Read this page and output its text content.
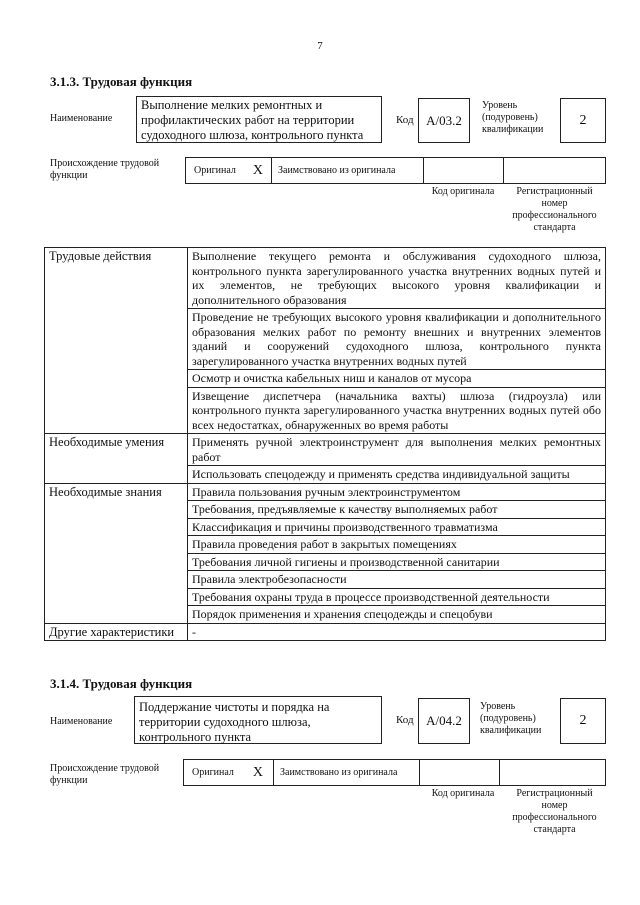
7
3.1.3. Трудовая функция
Наименование
Выполнение мелких ремонтных и профилактических работ на территории судоходного шлюза, контрольного пункта
Код А/03.2
Уровень (подуровень) квалификации
2
Происхождение трудовой функции	Оригинал Х Заимствовано из оригинала
Код оригинала	Регистрационный номер профессионального стандарта
Трудовые действия	Выполнение текущего ремонта и обслуживания судоходного шлюза, контрольного пункта зарегулированного участка внутренних водных путей и их элементов, не требующих высокого уровня квалификации и дополнительного образования
	Проведение не требующих высокого уровня квалификации и дополнительного образования мелких работ по ремонту внешних и внутренних элементов зданий и сооружений судоходного шлюза, контрольного пункта зарегулированного участка внутренних водных путей
	Осмотр и очистка кабельных ниш и каналов от мусора
	Извещение диспетчера (начальника вахты) шлюза (гидроузла) или контрольного пункта зарегулированного участка внутренних водных путей обо всех недостатках, обнаруженных во время работы
Необходимые умения	Применять ручной электроинструмент для выполнения мелких ремонтных работ
	Использовать спецодежду и применять средства индивидуальной защиты
Необходимые знания	Правила пользования ручным электроинструментом
	Требования, предъявляемые к качеству выполняемых работ
	Классификация и причины производственного травматизма
	Правила проведения работ в закрытых помещениях
	Требования личной гигиены и производственной санитарии
	Правила электробезопасности
	Требования охраны труда в процессе производственной деятельности
	Порядок применения и хранения спецодежды и спецобуви
Другие характеристики	-
3.1.4. Трудовая функция
Наименование
Поддержание чистоты и порядка на территории судоходного шлюза, контрольного пункта
Код А/04.2
Уровень (подуровень) квалификации
2
Происхождение трудовой функции
Оригинал Х Заимствовано из оригинала
Код оригинала	Регистрационный номер профессионального стандарта
